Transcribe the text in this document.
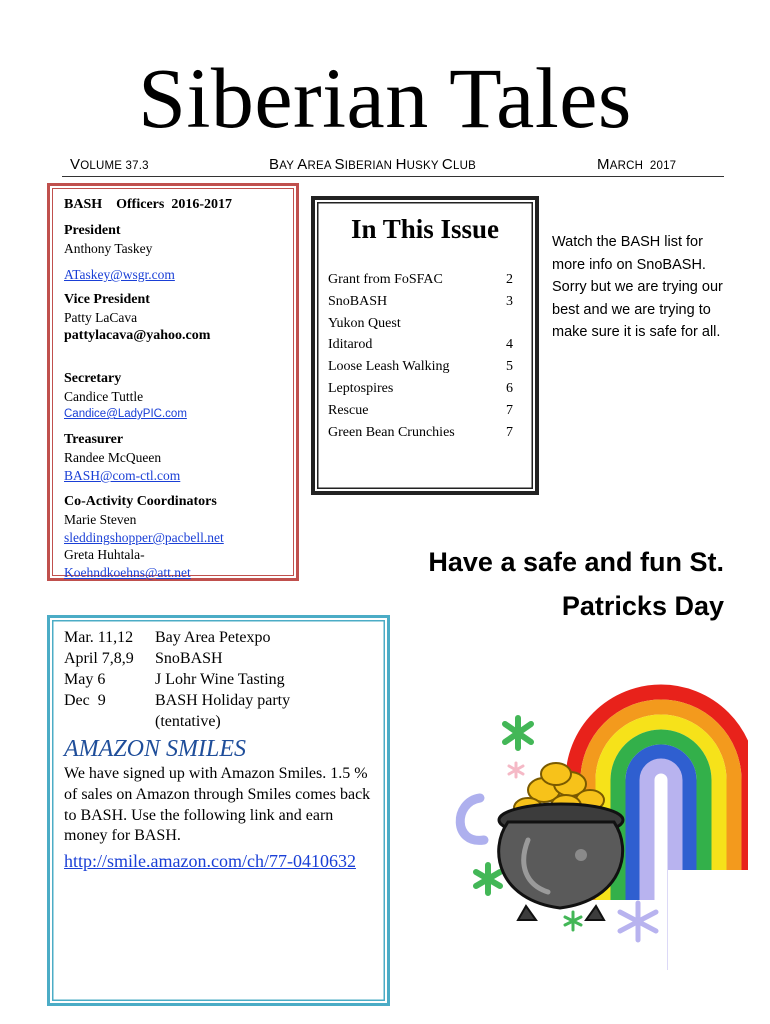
Siberian Tales
VOLUME 37.3	BAY AREA SIBERIAN HUSKY CLUB	MARCH  2017
BASH    Officers  2016-2017
President
Anthony Taskey
ATaskey@wsgr.com
Vice President
Patty LaCava
pattylacava@yahoo.com
Secretary
Candice Tuttle
Candice@LadyPIC.com
Treasurer
Randee McQueen
BASH@com-ctl.com
Co-Activity Coordinators
Marie Steven
sleddingshopper@pacbell.net
Greta Huhtala-
Koehndkoehns@att.net
In This Issue
Grant from FoSFAC	2
SnoBASH	3
Yukon Quest
Iditarod	4
Loose Leash Walking	5
Leptospires	6
Rescue	7
Green Bean Crunchies	7
Watch the BASH list for more info on SnoBASH. Sorry but we are trying our best and we are trying to make sure it is safe for all.
Have a safe and fun St.
Patricks Day
Mar. 11,12 Bay Area Petexpo
April 7,8,9 SnoBASH
May 6	J Lohr Wine Tasting
Dec  9	BASH Holiday party
(tentative)
AMAZON SMILES
We have signed up with Amazon Smiles. 1.5 % of sales on Amazon through Smiles comes back to BASH. Use the following link and earn money for BASH.
http://smile.amazon.com/ch/77-0410632
